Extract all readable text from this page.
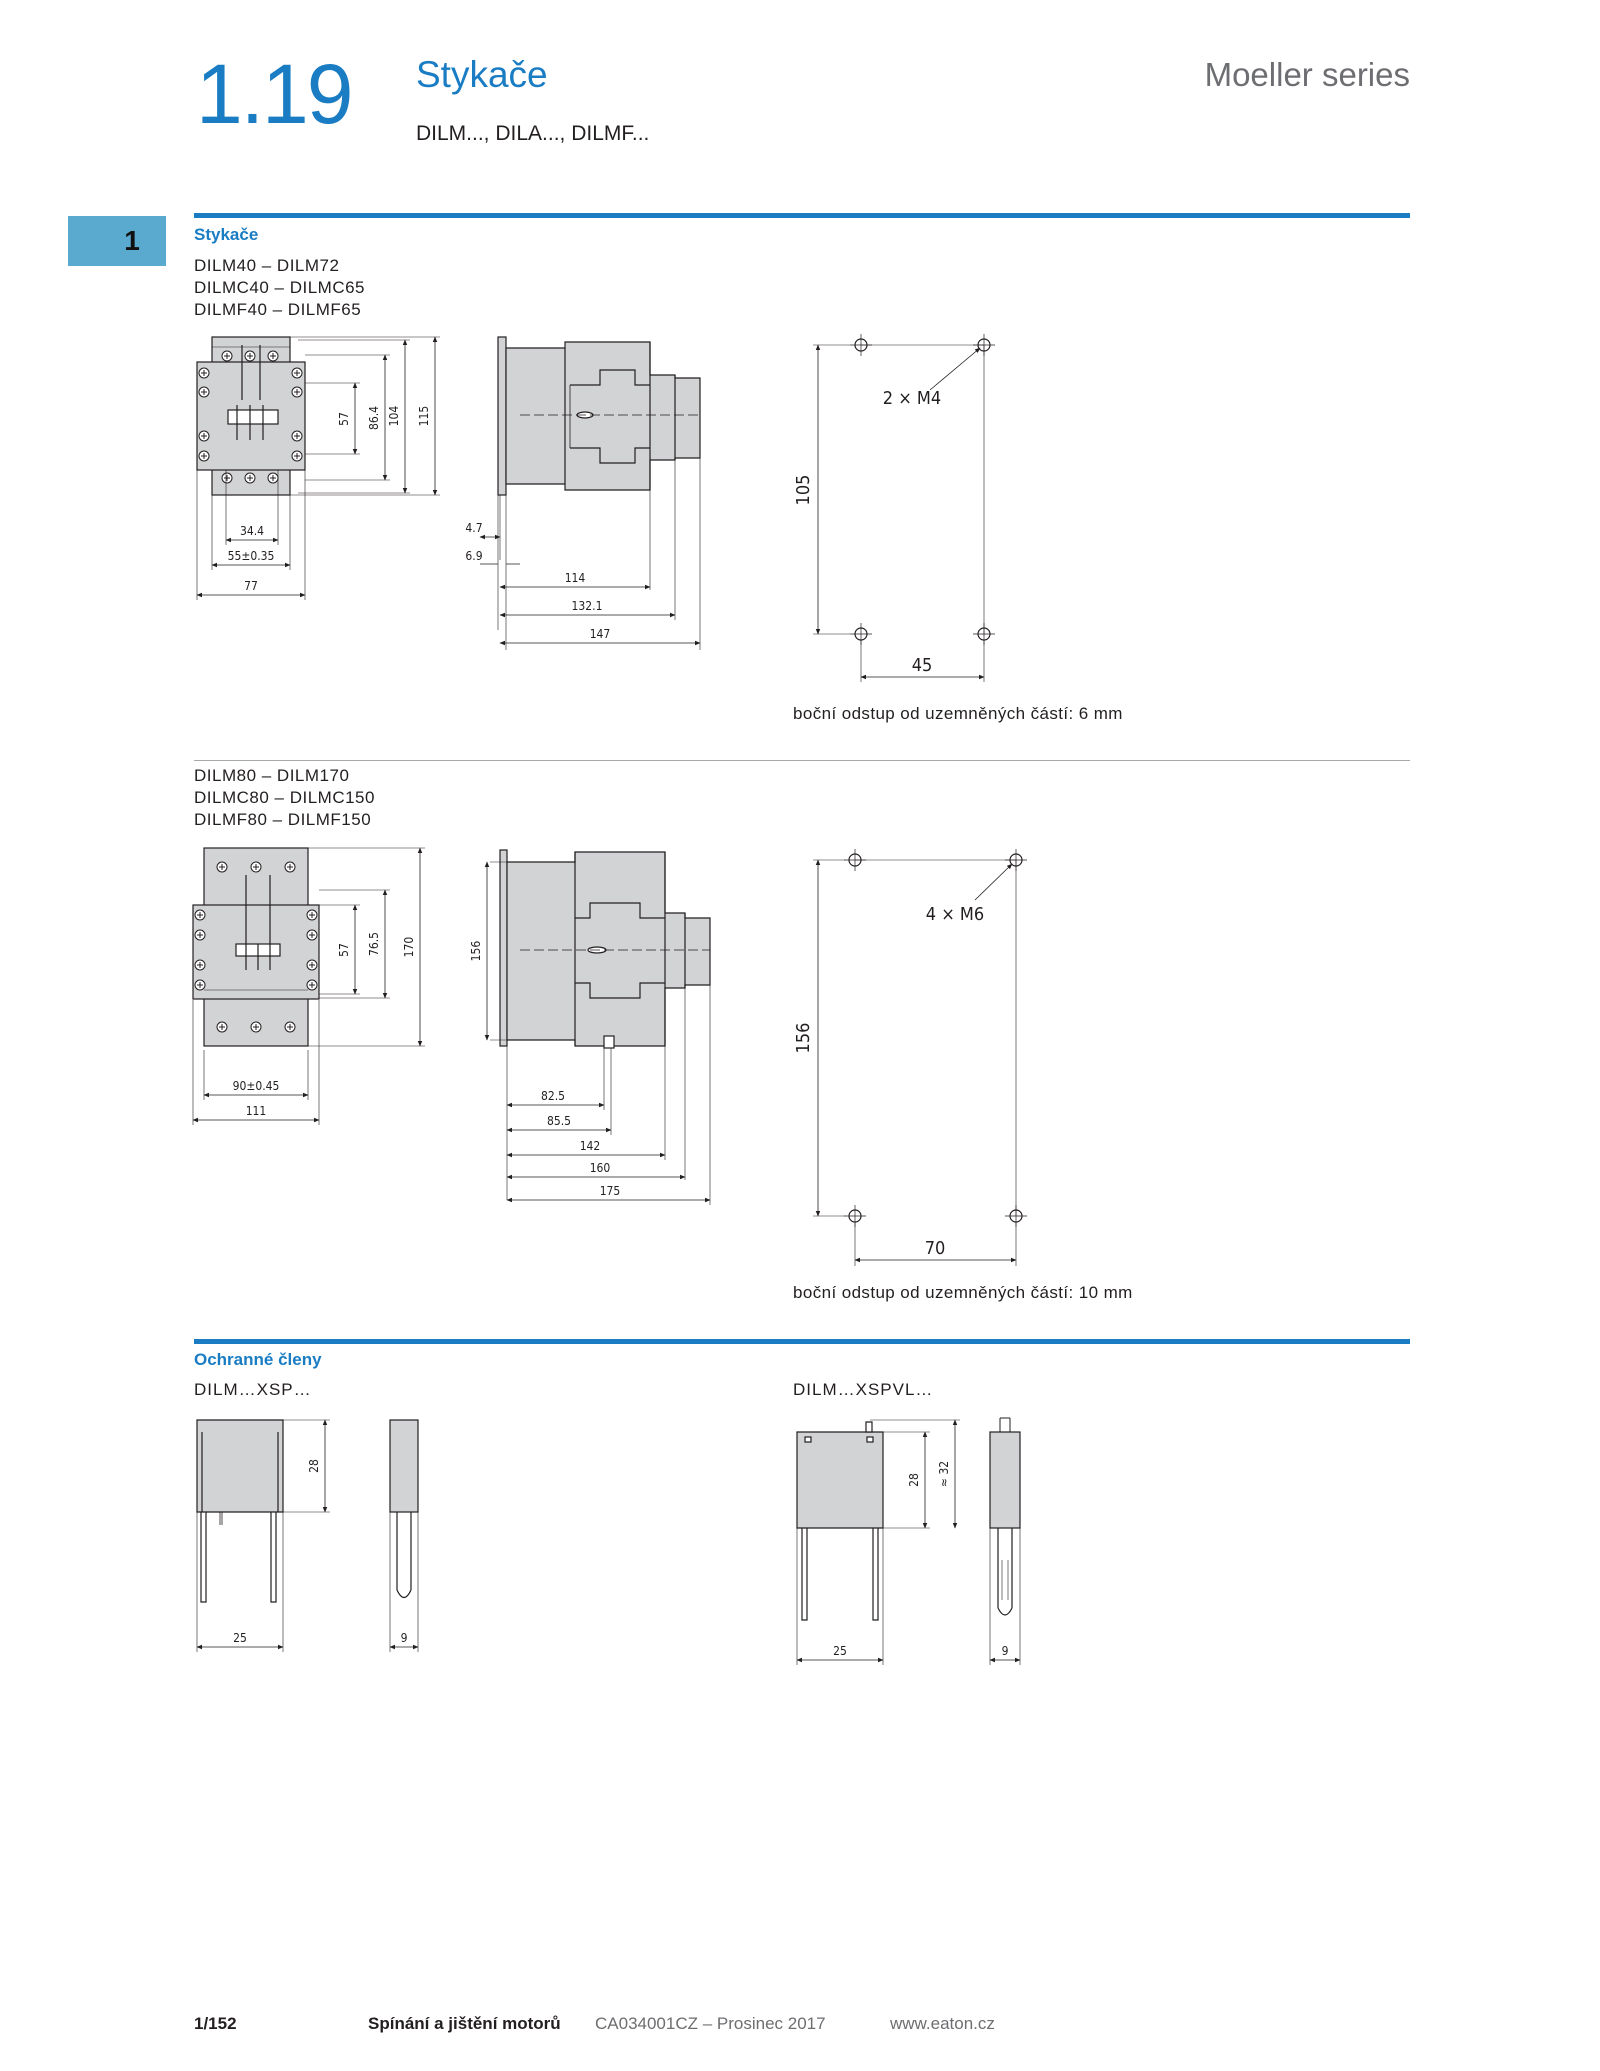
1.19 Stykače
DILM..., DILA..., DILMF...
Moeller series
1	Stykače
DILM40 – DILM72
DILMC40 – DILMC65
DILMF40 – DILMF65
boční odstup od uzemněných částí: 6 mm
DILM80 – DILM170
DILMC80 – DILMC150
DILMF80 – DILMF150
boční odstup od uzemněných částí: 10 mm
Ochranné členy
DILM…XSP…	DILM…XSPVL…
34.4
55±0.35
77
57 86.4 104 115
4.7
6.9
114
132.1
147
105
45
2 × M4
90±0.45
111
57 76.5 170	156
82.5
85.5
142
160
175
156
70
4 × M6
28
25	9
28 ≈ 32
25	9
1/152	Spínání a jištění motorů CA034001CZ – Prosinec 2017	www.eaton.cz
